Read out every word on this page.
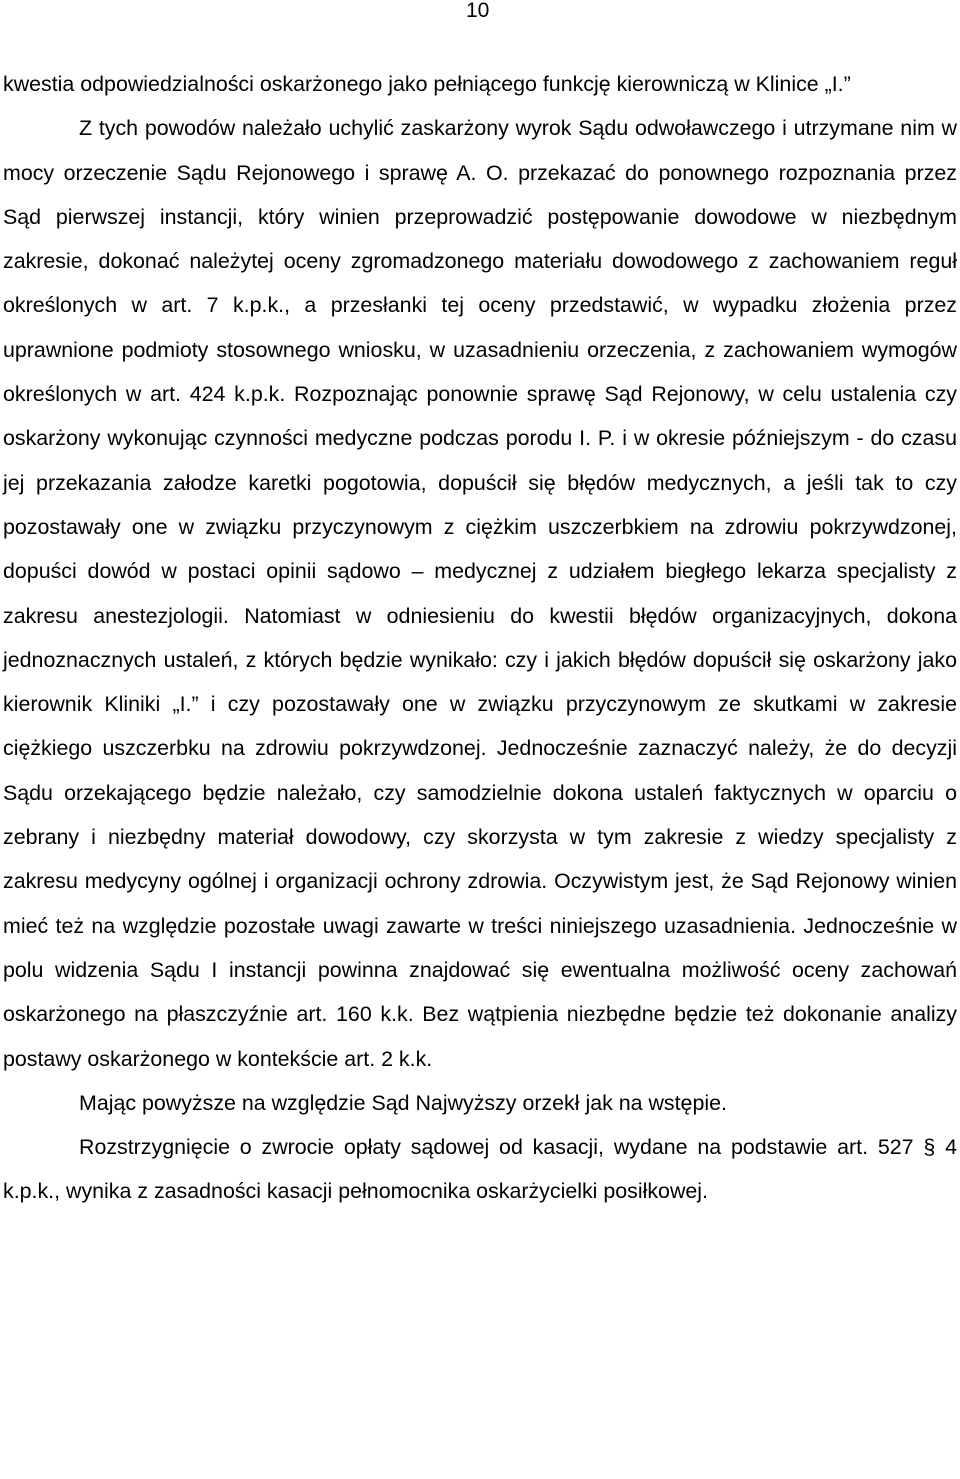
10

kwestia odpowiedzialności oskarżonego jako pełniącego funkcję kierowniczą w Klinice „I.”

Z tych powodów należało uchylić zaskarżony wyrok Sądu odwoławczego i utrzymane nim w mocy orzeczenie Sądu Rejonowego i sprawę A. O. przekazać do ponownego rozpoznania przez Sąd pierwszej instancji, który winien przeprowadzić postępowanie dowodowe w niezbędnym zakresie, dokonać należytej oceny zgromadzonego materiału dowodowego z zachowaniem reguł określonych w art. 7 k.p.k., a przesłanki tej oceny przedstawić, w wypadku złożenia przez uprawnione podmioty stosownego wniosku, w uzasadnieniu orzeczenia, z zachowaniem wymogów określonych w art. 424 k.p.k. Rozpoznając ponownie sprawę Sąd Rejonowy, w celu ustalenia czy oskarżony wykonując czynności medyczne podczas porodu I. P. i w okresie późniejszym - do czasu jej przekazania załodze karetki pogotowia, dopuścił się błędów medycznych, a jeśli tak to czy pozostawały one w związku przyczynowym z ciężkim uszczerbkiem na zdrowiu pokrzywdzonej, dopuści dowód w postaci opinii sądowo – medycznej z udziałem biegłego lekarza specjalisty z zakresu anestezjologii. Natomiast w odniesieniu do kwestii błędów organizacyjnych, dokona jednoznacznych ustaleń, z których będzie wynikało: czy i jakich błędów dopuścił się oskarżony jako kierownik Kliniki „I.” i czy pozostawały one w związku przyczynowym ze skutkami w zakresie ciężkiego uszczerbku na zdrowiu pokrzywdzonej. Jednocześnie zaznaczyć należy, że do decyzji Sądu orzekającego będzie należało, czy samodzielnie dokona ustaleń faktycznych w oparciu o zebrany i niezbędny materiał dowodowy, czy skorzysta w tym zakresie z wiedzy specjalisty z zakresu medycyny ogólnej i organizacji ochrony zdrowia. Oczywistym jest, że Sąd Rejonowy winien mieć też na względzie pozostałe uwagi zawarte w treści niniejszego uzasadnienia. Jednocześnie w polu widzenia Sądu I instancji powinna znajdować się ewentualna możliwość oceny zachowań oskarżonego na płaszczyźnie art. 160 k.k. Bez wątpienia niezbędne będzie też dokonanie analizy postawy oskarżonego w kontekście art. 2 k.k.

Mając powyższe na względzie Sąd Najwyższy orzekł jak na wstępie.

Rozstrzygnięcie o zwrocie opłaty sądowej od kasacji, wydane na podstawie art. 527 § 4 k.p.k., wynika z zasadności kasacji pełnomocnika oskarżycielki posiłkowej.
